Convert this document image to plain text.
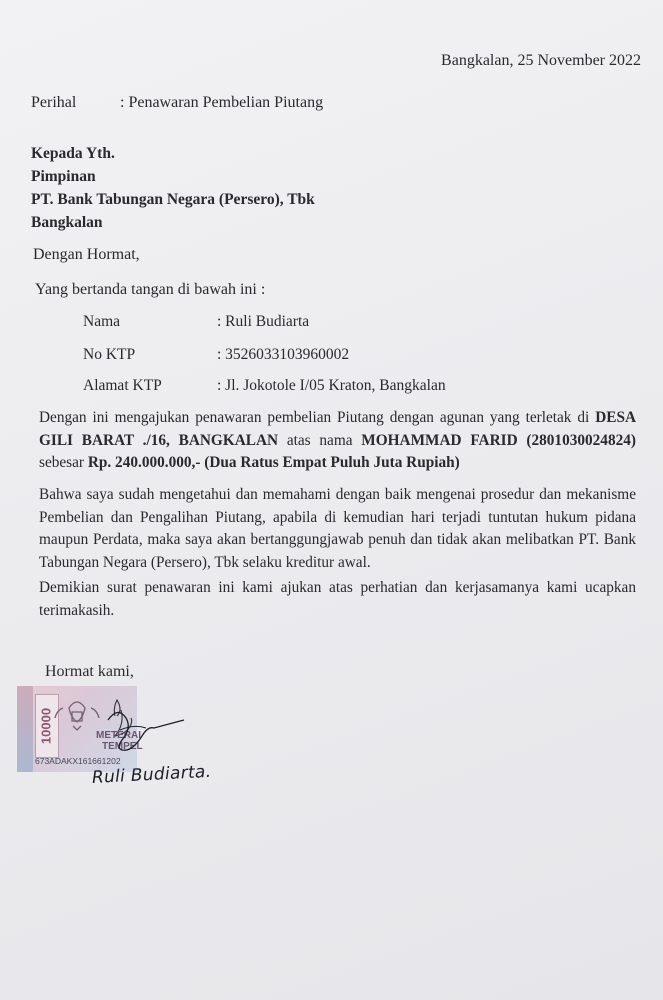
Bangkalan, 25 November 2022
Perihal	: Penawaran Pembelian Piutang
Kepada Yth.
Pimpinan
PT. Bank Tabungan Negara (Persero), Tbk
Bangkalan
Dengan Hormat,
Yang bertanda tangan di bawah ini :
Nama	: Ruli Budiarta
No KTP	: 3526033103960002
Alamat KTP	: Jl. Jokotole I/05 Kraton, Bangkalan
Dengan ini mengajukan penawaran pembelian Piutang dengan agunan yang terletak di DESA
GILI BARAT ./16, BANGKALAN atas nama MOHAMMAD FARID (2801030024824)
sebesar Rp. 240.000.000,- (Dua Ratus Empat Puluh Juta Rupiah)
Bahwa saya sudah mengetahui dan memahami dengan baik mengenai prosedur dan mekanisme
Pembelian dan Pengalihan Piutang, apabila di kemudian hari terjadi tuntutan hukum pidana
maupun Perdata, maka saya akan bertanggungjawab penuh dan tidak akan melibatkan PT. Bank
Tabungan Negara (Persero), Tbk selaku kreditur awal.
Demikian surat penawaran ini kami ajukan atas perhatian dan kerjasamanya kami ucapkan
terimakasih.
Hormat kami,
10000	METERAI
TEMPEL
673ADAKX161661202
Ruli Budiarta.
